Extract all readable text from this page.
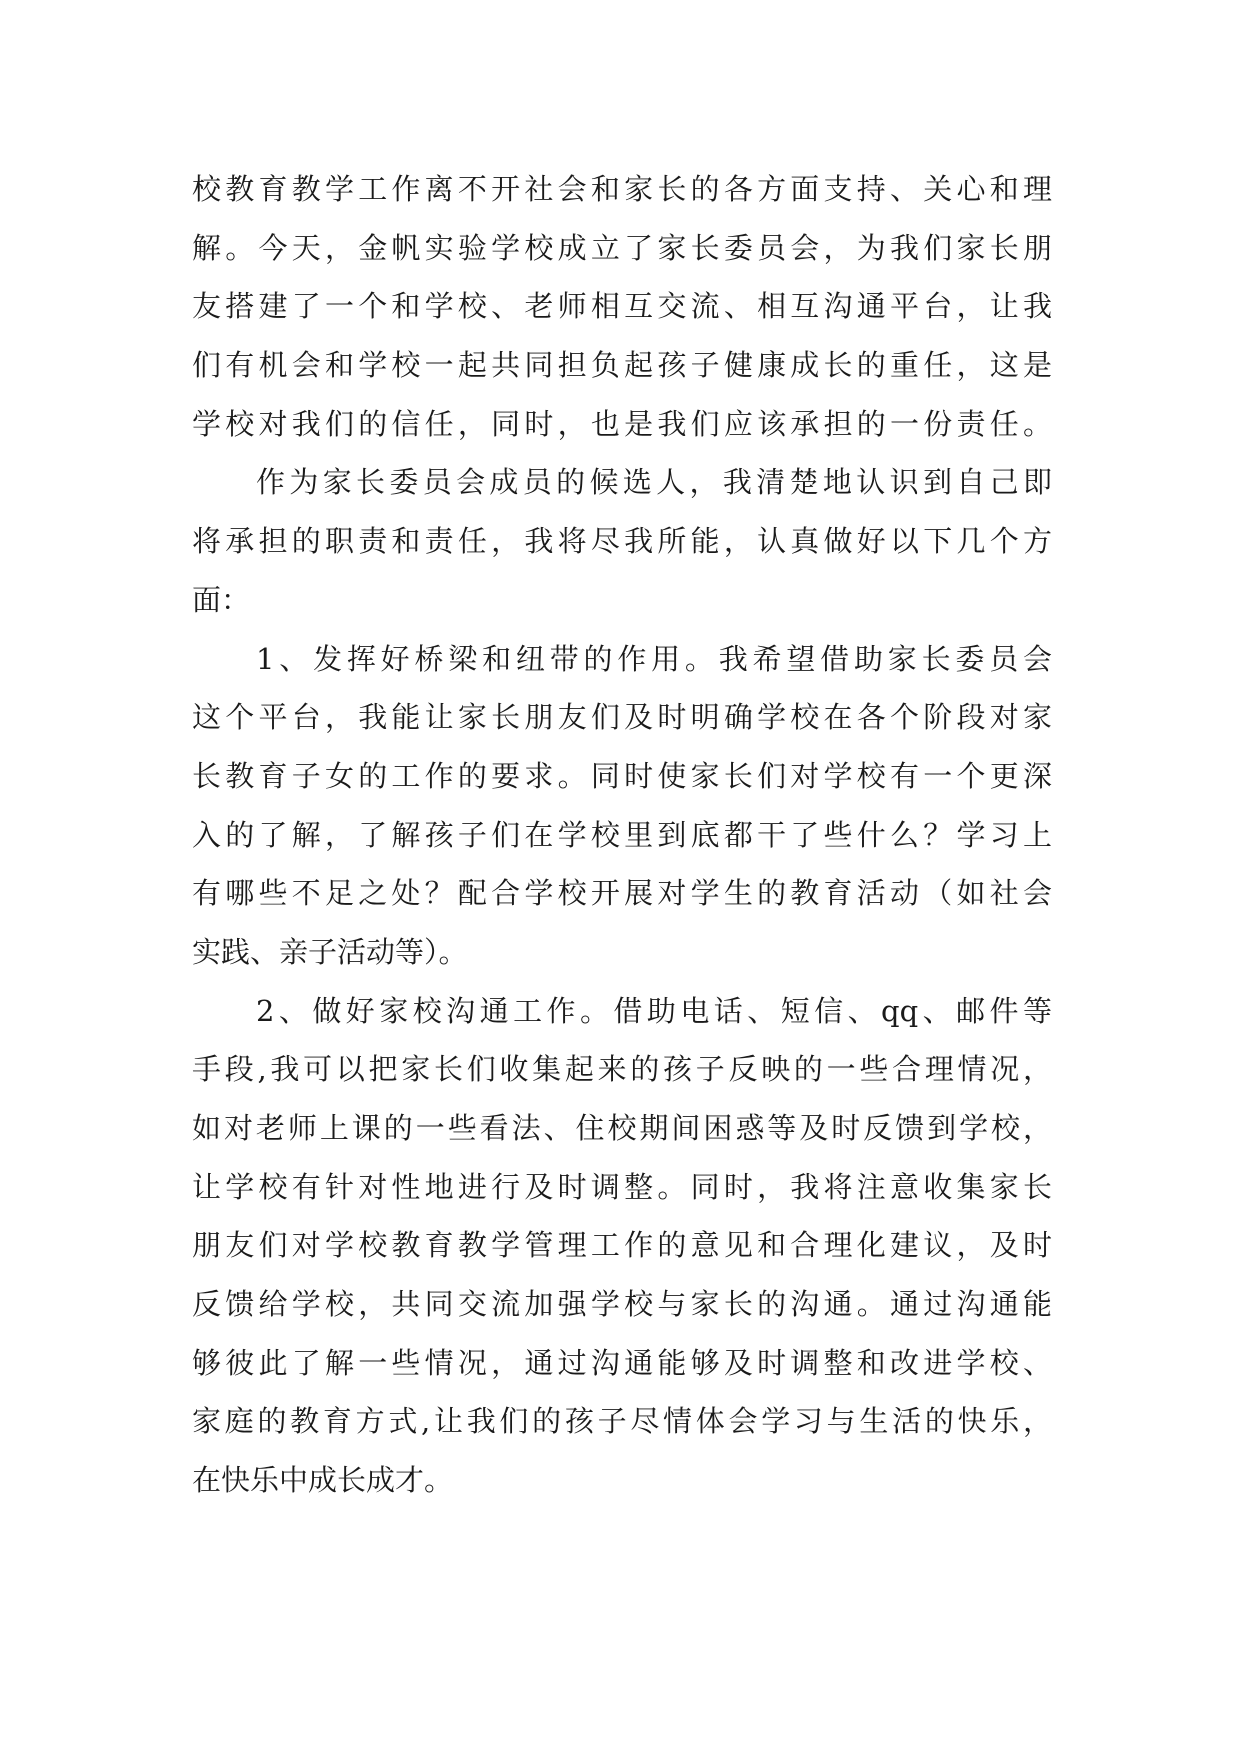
校教育教学工作离不开社会和家长的各方面支持、关心和理
解。今天，金帆实验学校成立了家长委员会，为我们家长朋
友搭建了一个和学校、老师相互交流、相互沟通平台，让我
们有机会和学校一起共同担负起孩子健康成长的重任，这是
学校对我们的信任，同时，也是我们应该承担的一份责任。
作为家长委员会成员的候选人，我清楚地认识到自己即
将承担的职责和责任，我将尽我所能，认真做好以下几个方
面：
1、发挥好桥梁和纽带的作用。我希望借助家长委员会
这个平台，我能让家长朋友们及时明确学校在各个阶段对家
长教育子女的工作的要求。同时使家长们对学校有一个更深
入的了解，了解孩子们在学校里到底都干了些什么？学习上
有哪些不足之处？配合学校开展对学生的教育活动（如社会
实践、亲子活动等）。
2、做好家校沟通工作。借助电话、短信、qq、邮件等
手段,我可以把家长们收集起来的孩子反映的一些合理情况，
如对老师上课的一些看法、住校期间困惑等及时反馈到学校，
让学校有针对性地进行及时调整。同时，我将注意收集家长
朋友们对学校教育教学管理工作的意见和合理化建议，及时
反馈给学校，共同交流加强学校与家长的沟通。通过沟通能
够彼此了解一些情况，通过沟通能够及时调整和改进学校、
家庭的教育方式,让我们的孩子尽情体会学习与生活的快乐，
在快乐中成长成才。
